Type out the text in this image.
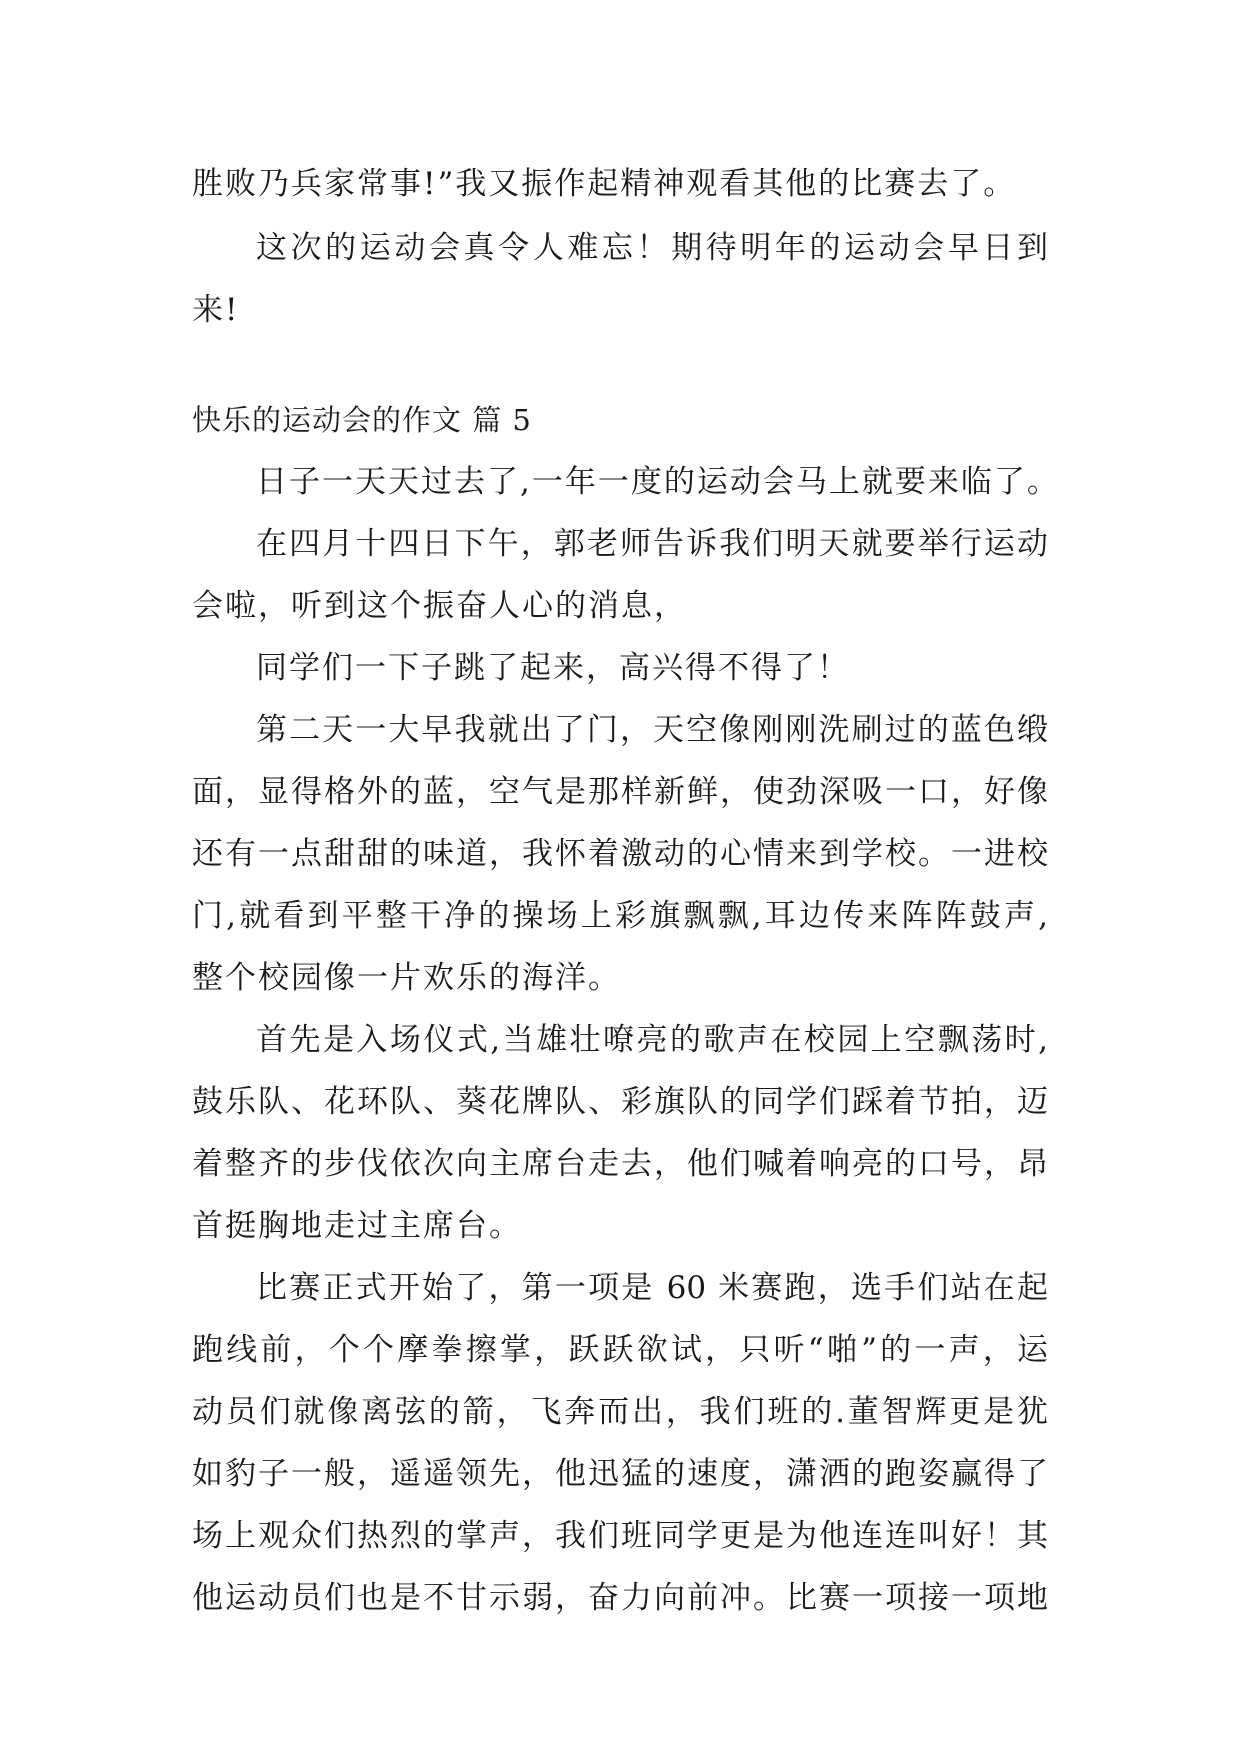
胜败乃兵家常事!”我又振作起精神观看其他的比赛去了。
这次的运动会真令人难忘！期待明年的运动会早日到
来!
快乐的运动会的作文 篇 5
日子一天天过去了,一年一度的运动会马上就要来临了。
在四月十四日下午，郭老师告诉我们明天就要举行运动
会啦，听到这个振奋人心的消息，
同学们一下子跳了起来，高兴得不得了！
第二天一大早我就出了门，天空像刚刚洗刷过的蓝色缎
面，显得格外的蓝，空气是那样新鲜，使劲深吸一口，好像
还有一点甜甜的味道，我怀着激动的心情来到学校。一进校
门,就看到平整干净的操场上彩旗飘飘,耳边传来阵阵鼓声,
整个校园像一片欢乐的海洋。
首先是入场仪式,当雄壮嘹亮的歌声在校园上空飘荡时,
鼓乐队、花环队、葵花牌队、彩旗队的同学们踩着节拍，迈
着整齐的步伐依次向主席台走去，他们喊着响亮的口号，昂
首挺胸地走过主席台。
比赛正式开始了，第一项是 60 米赛跑，选手们站在起
跑线前，个个摩拳擦掌，跃跃欲试，只听“啪”的一声，运
动员们就像离弦的箭，飞奔而出，我们班的.董智辉更是犹
如豹子一般，遥遥领先，他迅猛的速度，潇洒的跑姿赢得了
场上观众们热烈的掌声，我们班同学更是为他连连叫好！其
他运动员们也是不甘示弱，奋力向前冲。比赛一项接一项地
